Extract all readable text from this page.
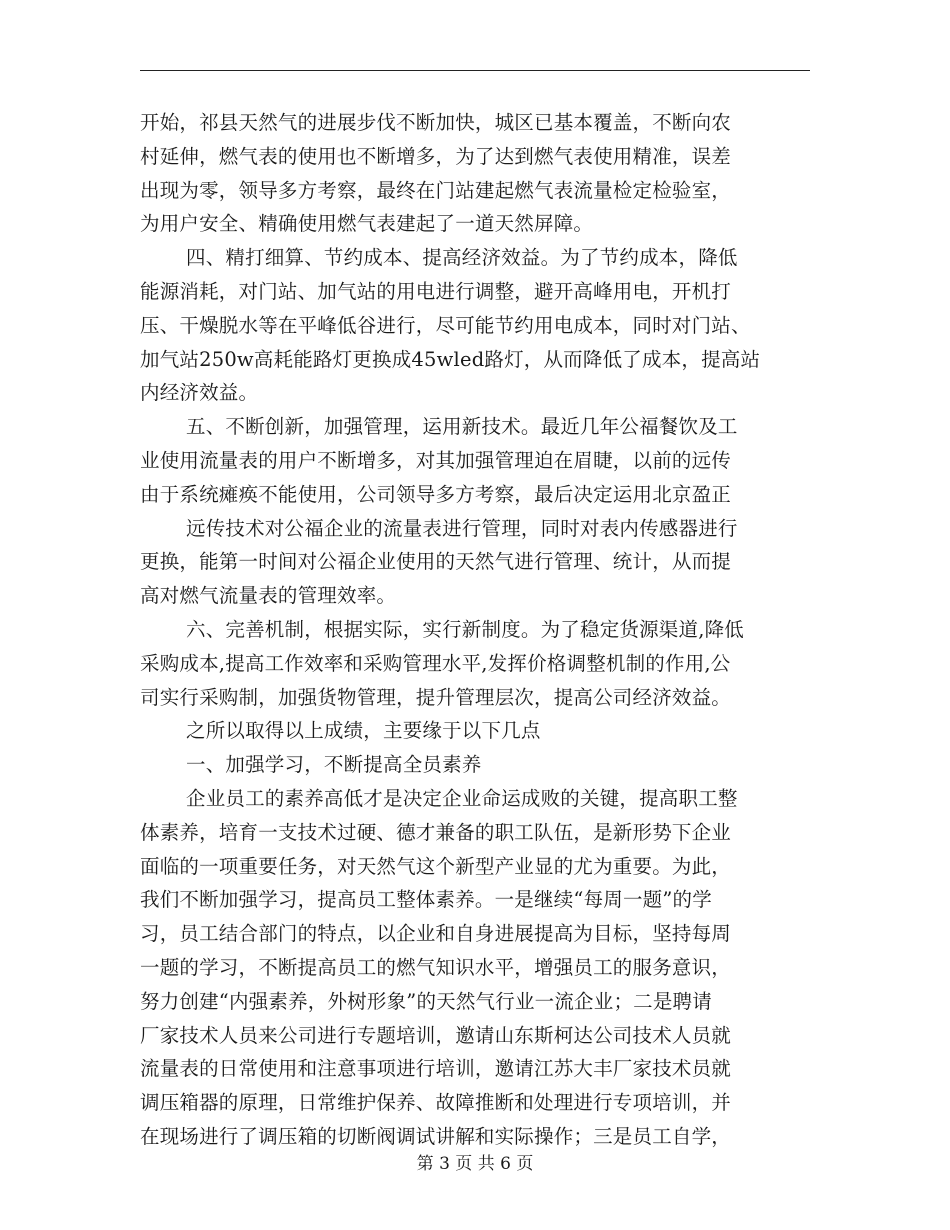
开始，祁县天然气的进展步伐不断加快，城区已基本覆盖，不断向农
村延伸，燃气表的使用也不断增多，为了达到燃气表使用精准，误差
出现为零，领导多方考察，最终在门站建起燃气表流量检定检验室，
为用户安全、精确使用燃气表建起了一道天然屏障。
四、精打细算、节约成本、提高经济效益。为了节约成本，降低
能源消耗，对门站、加气站的用电进行调整，避开高峰用电，开机打
压、干燥脱水等在平峰低谷进行，尽可能节约用电成本，同时对门站、
加气站250w高耗能路灯更换成45wled路灯，从而降低了成本，提高站
内经济效益。
五、不断创新，加强管理，运用新技术。最近几年公福餐饮及工
业使用流量表的用户不断增多，对其加强管理迫在眉睫，以前的远传
由于系统瘫痪不能使用，公司领导多方考察，最后决定运用北京盈正
远传技术对公福企业的流量表进行管理，同时对表内传感器进行
更换，能第一时间对公福企业使用的天然气进行管理、统计，从而提
高对燃气流量表的管理效率。
六、完善机制，根据实际，实行新制度。为了稳定货源渠道,降低
采购成本,提高工作效率和采购管理水平,发挥价格调整机制的作用,公
司实行采购制，加强货物管理，提升管理层次，提高公司经济效益。
之所以取得以上成绩，主要缘于以下几点
一、加强学习，不断提高全员素养
企业员工的素养高低才是决定企业命运成败的关键，提高职工整
体素养，培育一支技术过硬、德才兼备的职工队伍，是新形势下企业
面临的一项重要任务，对天然气这个新型产业显的尤为重要。为此，
我们不断加强学习，提高员工整体素养。一是继续“每周一题”的学
习，员工结合部门的特点，以企业和自身进展提高为目标，坚持每周
一题的学习，不断提高员工的燃气知识水平，增强员工的服务意识，
努力创建“内强素养，外树形象”的天然气行业一流企业；二是聘请
厂家技术人员来公司进行专题培训，邀请山东斯柯达公司技术人员就
流量表的日常使用和注意事项进行培训，邀请江苏大丰厂家技术员就
调压箱器的原理，日常维护保养、故障推断和处理进行专项培训，并
在现场进行了调压箱的切断阀调试讲解和实际操作；三是员工自学，
第 3 页 共 6 页
